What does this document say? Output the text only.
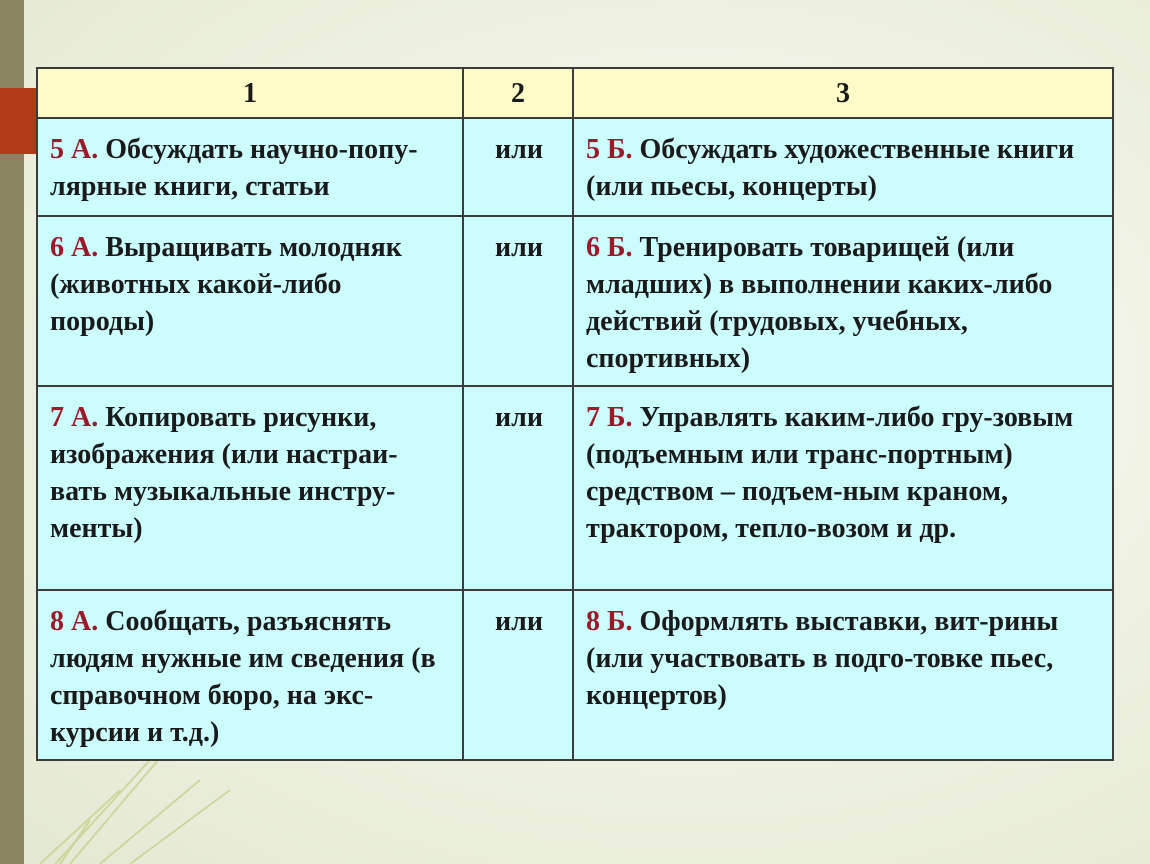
1	2	3
5 А. Обсуждать научно-попу-лярные книги, статьи	или	5 Б. Обсуждать художественные книги (или пьесы, концерты)
6 А. Выращивать молодняк (животных какой-либо породы)	или	6 Б. Тренировать товарищей (или младших) в выполнении каких-либо действий (трудовых, учебных, спортивных)
7 А. Копировать рисунки, изображения (или настраи-вать музыкальные инстру-менты)	или	7 Б. Управлять каким-либо гру-зовым (подъемным или транс-портным) средством – подъем-ным краном, трактором, тепло-возом и др.
8 А. Сообщать, разъяснять людям нужные им сведения (в справочном бюро, на экс-курсии и т.д.)	или	8 Б. Оформлять выставки, вит-рины (или участвовать в подго-товке пьес, концертов)
